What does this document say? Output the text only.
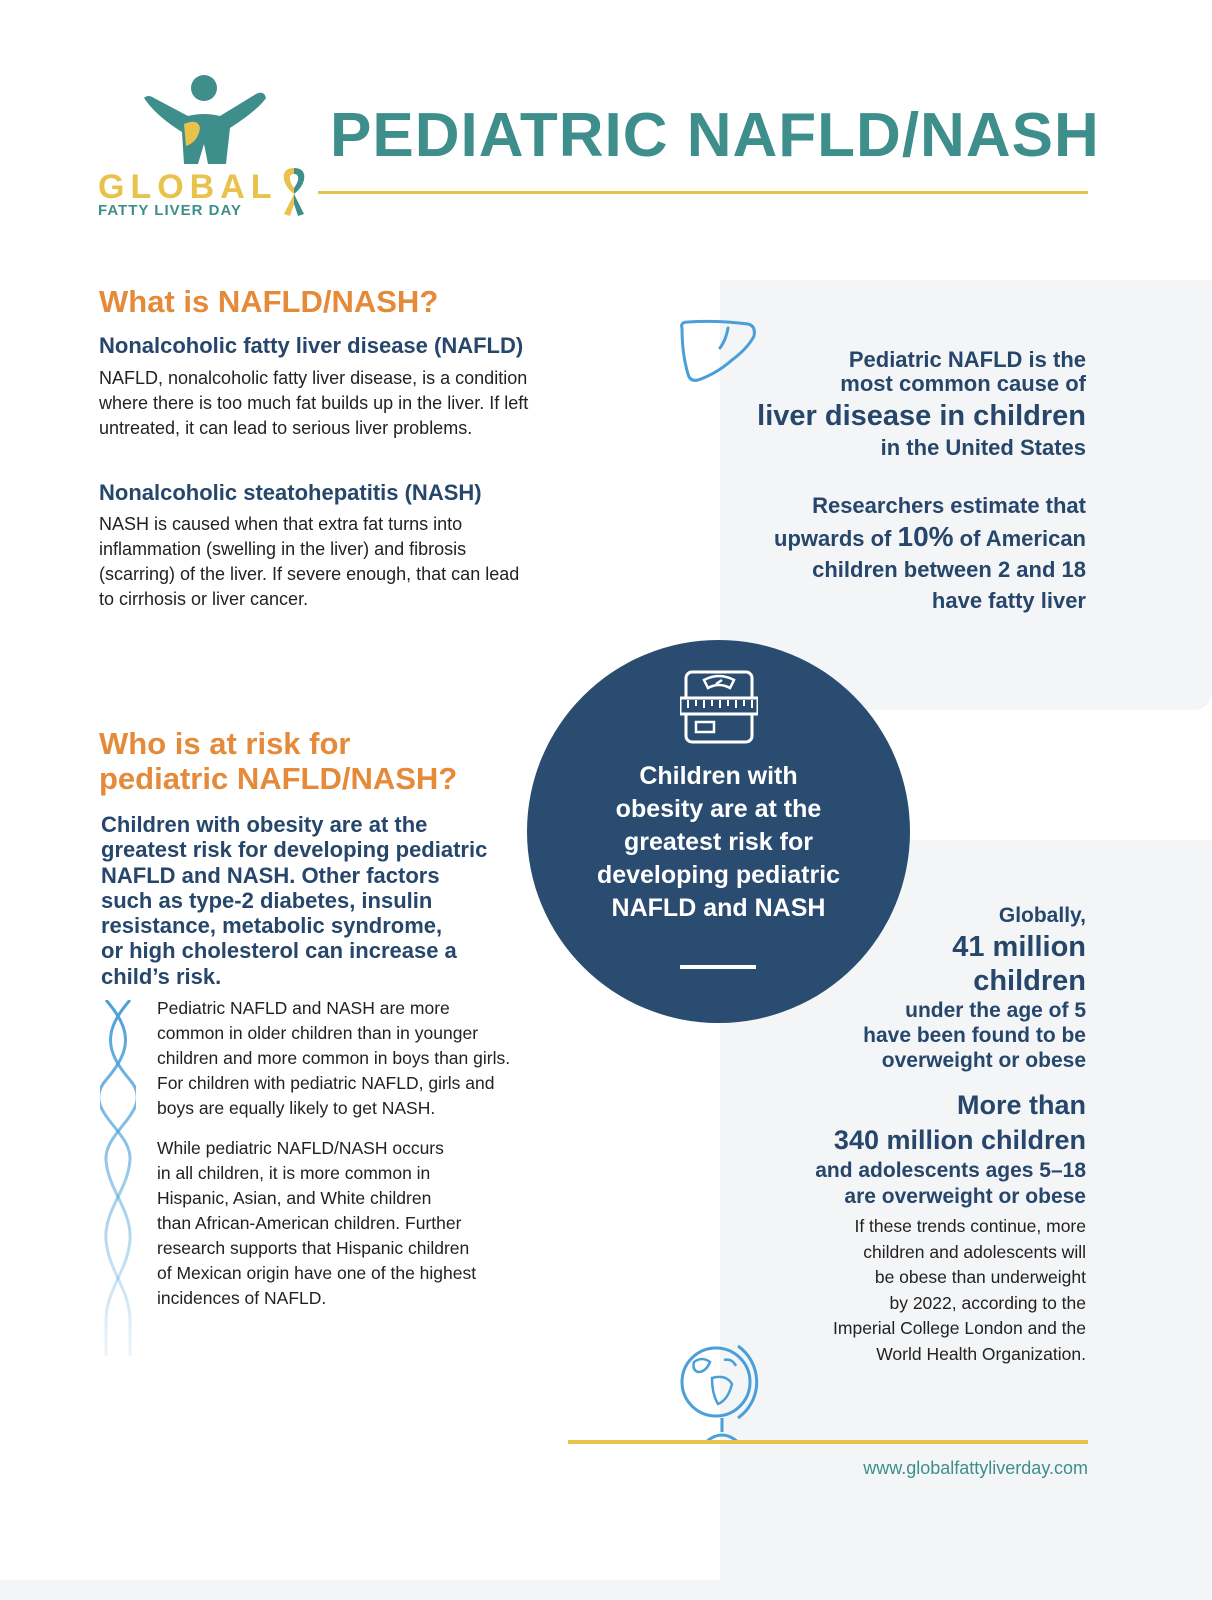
GLOBAL
FATTY LIVER DAY
PEDIATRIC NAFLD/NASH
What is NAFLD/NASH?
Nonalcoholic fatty liver disease (NAFLD)
NAFLD, nonalcoholic fatty liver disease, is a condition
where there is too much fat builds up in the liver. If left
untreated, it can lead to serious liver problems.
Nonalcoholic steatohepatitis (NASH)
NASH is caused when that extra fat turns into
inflammation (swelling in the liver) and fibrosis
(scarring) of the liver. If severe enough, that can lead
to cirrhosis or liver cancer.
Pediatric NAFLD is the
most common cause of
liver disease in children
in the United States
Researchers estimate that
upwards of 10% of American
children between 2 and 18
have fatty liver
Who is at risk for
pediatric NAFLD/NASH?
Children with obesity are at the
greatest risk for developing pediatric
NAFLD and NASH. Other factors
such as type-2 diabetes, insulin
resistance, metabolic syndrome,
or high cholesterol can increase a
child’s risk.
Pediatric NAFLD and NASH are more
common in older children than in younger
children and more common in boys than girls.
For children with pediatric NAFLD, girls and
boys are equally likely to get NASH.
While pediatric NAFLD/NASH occurs
in all children, it is more common in
Hispanic, Asian, and White children
than African-American children. Further
research supports that Hispanic children
of Mexican origin have one of the highest
incidences of NAFLD.
Children with
obesity are at the
greatest risk for
developing pediatric
NAFLD and NASH	Globally,
41 million
children
under the age of 5
have been found to be
overweight or obese
More than
340 million children
and adolescents ages 5–18
are overweight or obese
If these trends continue, more
children and adolescents will
be obese than underweight
by 2022, according to the
Imperial College London and the
World Health Organization.
www.globalfattyliverday.com
